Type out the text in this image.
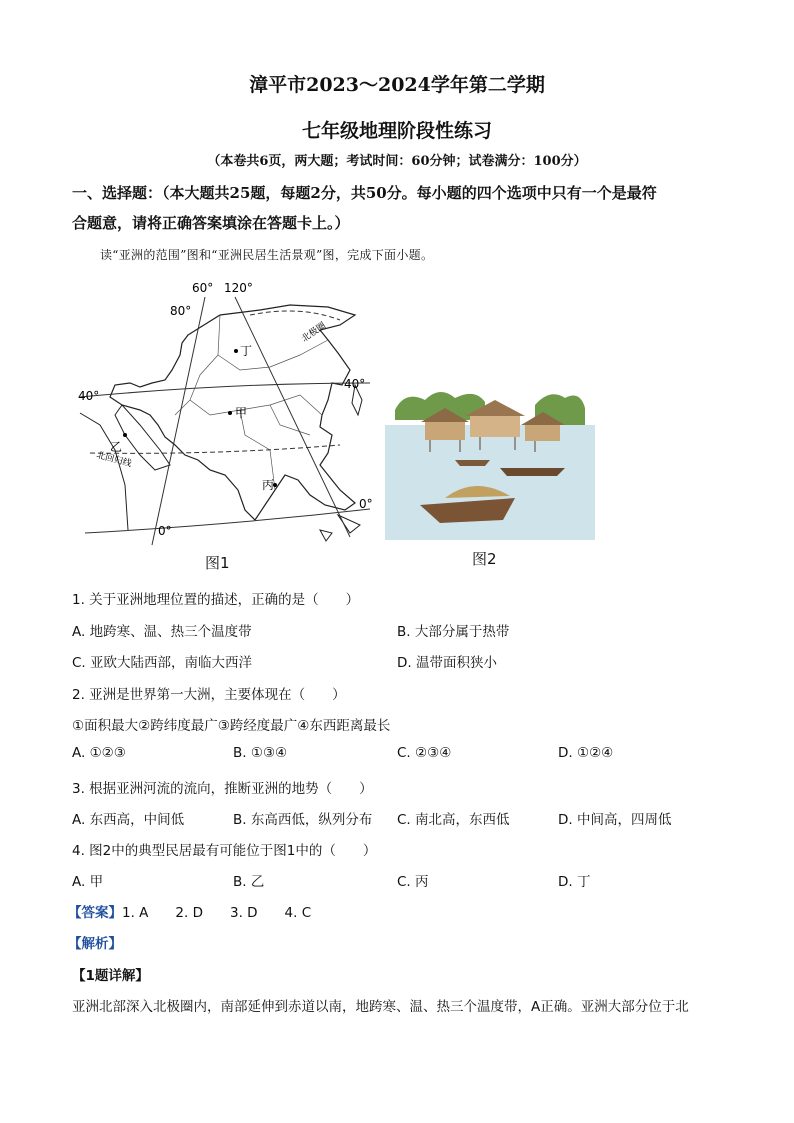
漳平市2023～2024学年第二学期
七年级地理阶段性练习
（本卷共6页，两大题；考试时间：60分钟；试卷满分：100分）
一、选择题：（本大题共25题，每题2分，共50分。每小题的四个选项中只有一个是最符
合题意，请将正确答案填涂在答题卡上。）
读“亚洲的范围”图和“亚洲民居生活景观”图，完成下面小题。
60° 120°
80°
40°
40°
0°
0°
北极圈
北回归线
丁
甲
乙
丙
图1	图2
1. 关于亚洲地理位置的描述，正确的是（　　）
A. 地跨寒、温、热三个温度带	B. 大部分属于热带
C. 亚欧大陆西部，南临大西洋	D. 温带面积狭小
2. 亚洲是世界第一大洲，主要体现在（　　）
①面积最大②跨纬度最广③跨经度最广④东西距离最长
A. ①②③	B. ①③④	C. ②③④	D. ①②④
3. 根据亚洲河流的流向，推断亚洲的地势（　　）
A. 东西高，中间低	B. 东高西低，纵列分布 C. 南北高，东西低	D. 中间高，四周低
4. 图2中的典型民居最有可能位于图1中的（　　）
A. 甲	B. 乙	C. 丙	D. 丁
【答案】1. A　　2. D　　3. D　　4. C
【解析】
【1题详解】
亚洲北部深入北极圈内，南部延伸到赤道以南，地跨寒、温、热三个温度带，A正确。亚洲大部分位于北
